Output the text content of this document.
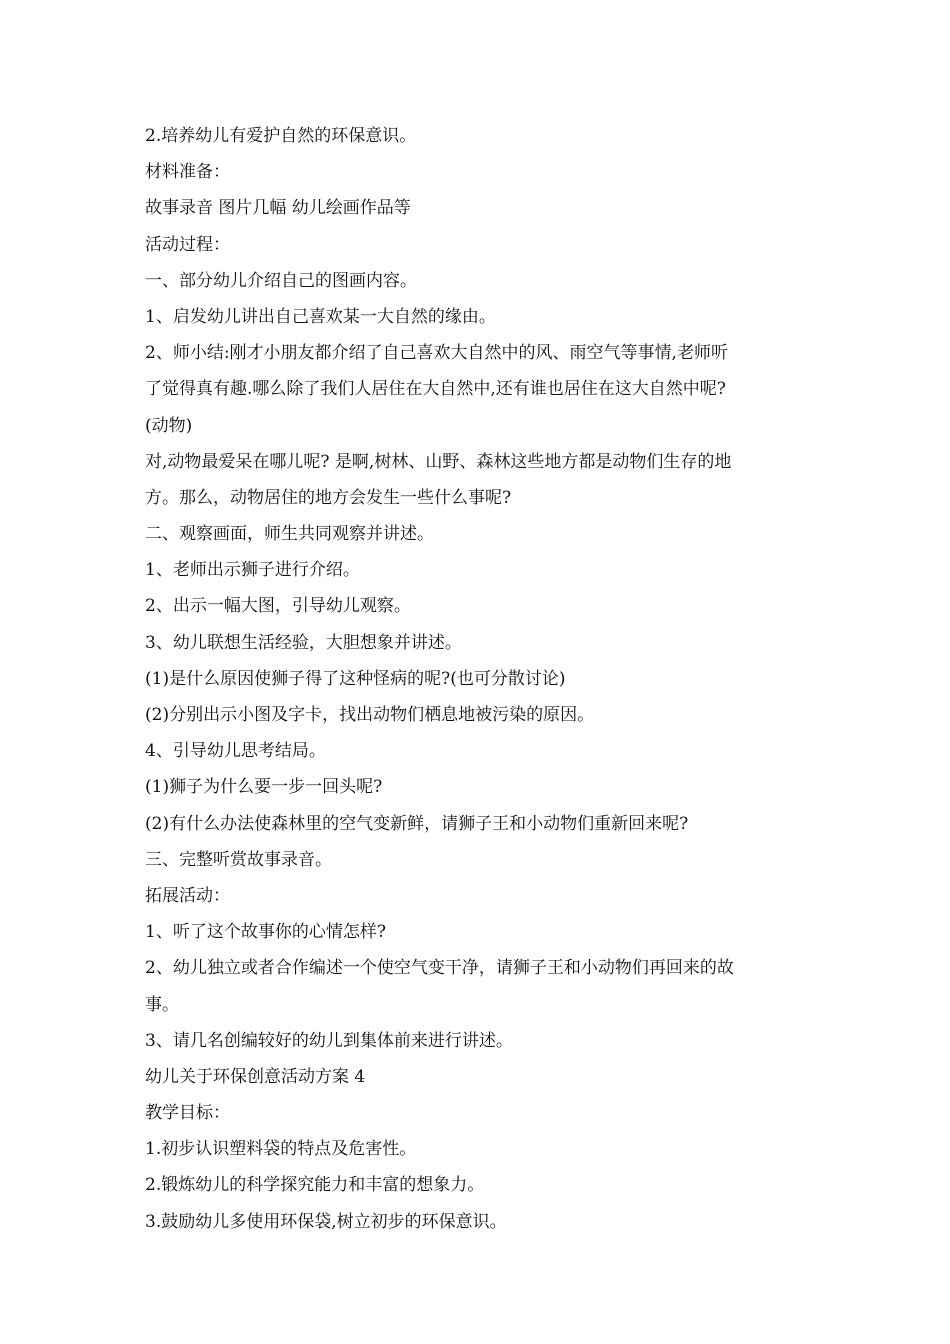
2.培养幼儿有爱护自然的环保意识。
材料准备：
故事录音 图片几幅 幼儿绘画作品等
活动过程：
一、部分幼儿介绍自己的图画内容。
1、启发幼儿讲出自己喜欢某一大自然的缘由。
2、师小结:刚才小朋友都介绍了自己喜欢大自然中的风、雨空气等事情,老师听
了觉得真有趣.哪么除了我们人居住在大自然中,还有谁也居住在这大自然中呢?
(动物)
对,动物最爱呆在哪儿呢? 是啊,树林、山野、森林这些地方都是动物们生存的地
方。那么，动物居住的地方会发生一些什么事呢?
二、观察画面，师生共同观察并讲述。
1、老师出示狮子进行介绍。
2、出示一幅大图，引导幼儿观察。
3、幼儿联想生活经验，大胆想象并讲述。
(1)是什么原因使狮子得了这种怪病的呢?(也可分散讨论)
(2)分别出示小图及字卡，找出动物们栖息地被污染的原因。
4、引导幼儿思考结局。
(1)狮子为什么要一步一回头呢?
(2)有什么办法使森林里的空气变新鲜，请狮子王和小动物们重新回来呢?
三、完整听赏故事录音。
拓展活动：
1、听了这个故事你的心情怎样?
2、幼儿独立或者合作编述一个使空气变干净，请狮子王和小动物们再回来的故
事。
3、请几名创编较好的幼儿到集体前来进行讲述。
幼儿关于环保创意活动方案 4
教学目标：
1.初步认识塑料袋的特点及危害性。
2.锻炼幼儿的科学探究能力和丰富的想象力。
3.鼓励幼儿多使用环保袋,树立初步的环保意识。
